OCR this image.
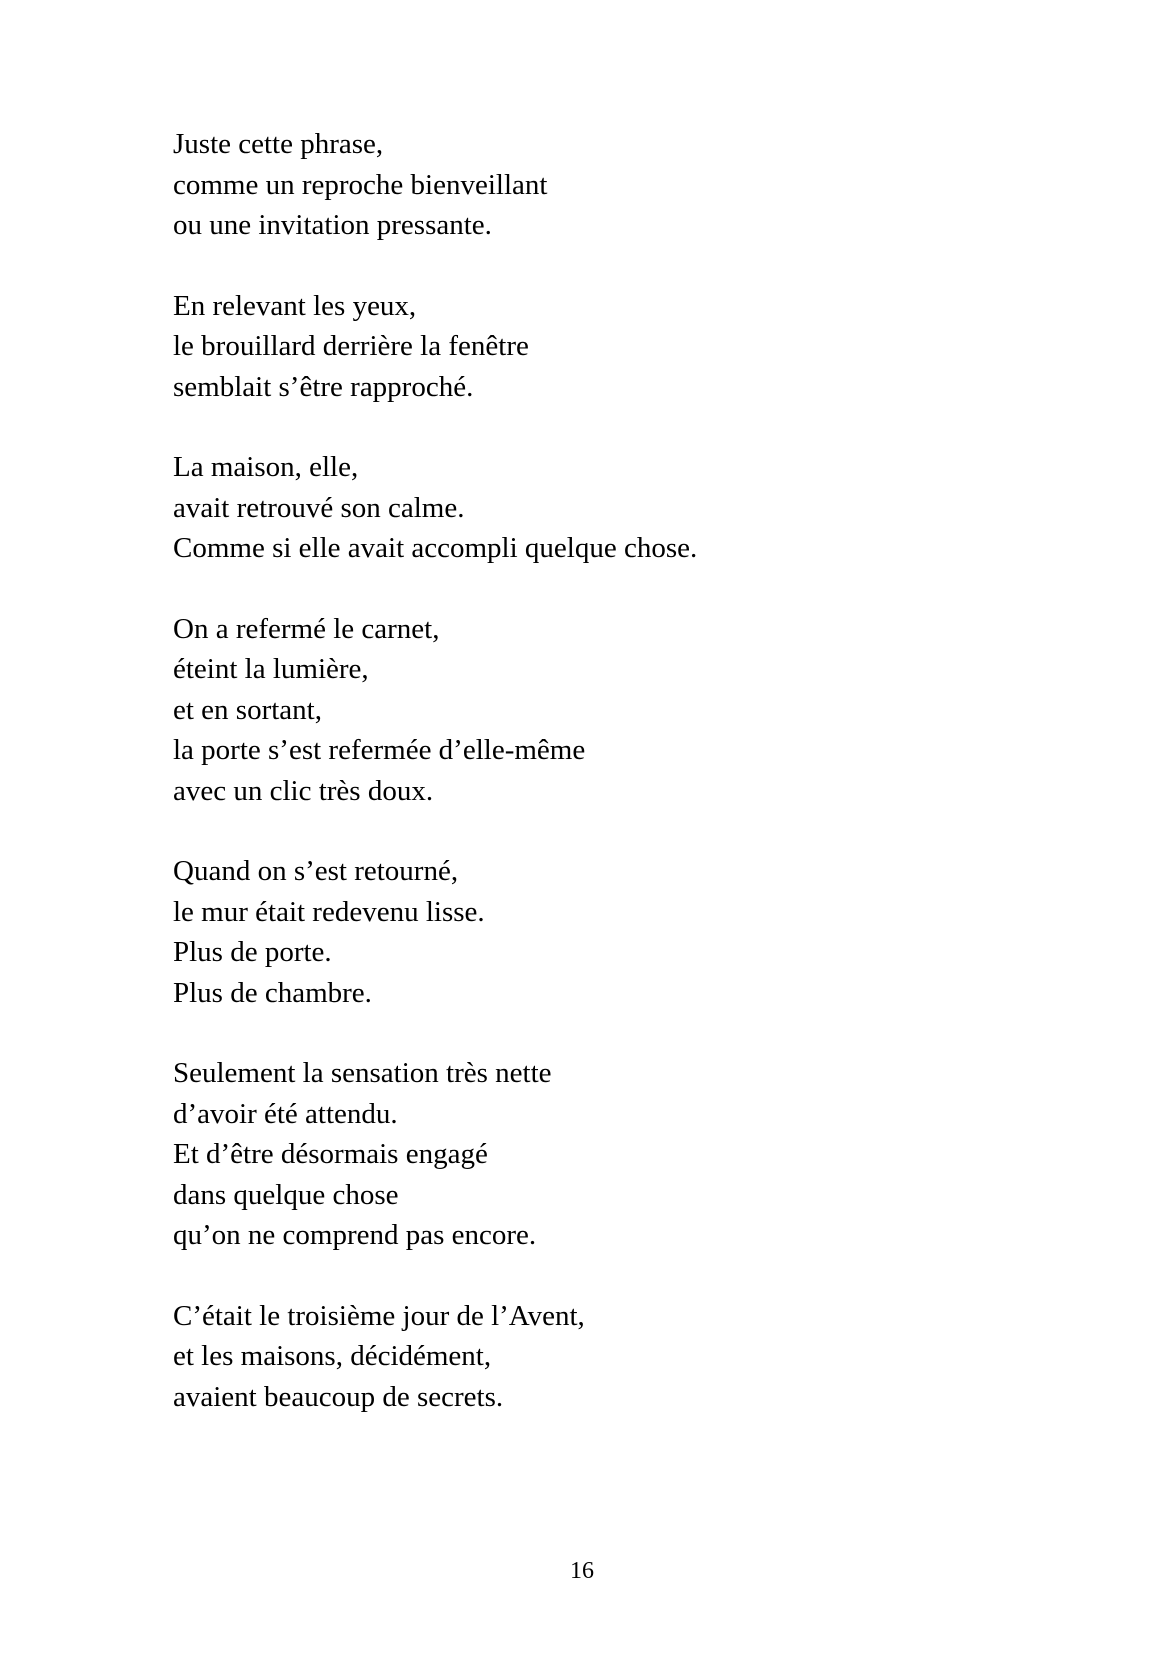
Juste cette phrase,
comme un reproche bienveillant
ou une invitation pressante.
En relevant les yeux,
le brouillard derrière la fenêtre
semblait s’être rapproché.
La maison, elle,
avait retrouvé son calme.
Comme si elle avait accompli quelque chose.
On a refermé le carnet,
éteint la lumière,
et en sortant,
la porte s’est refermée d’elle-même
avec un clic très doux.
Quand on s’est retourné,
le mur était redevenu lisse.
Plus de porte.
Plus de chambre.
Seulement la sensation très nette
d’avoir été attendu.
Et d’être désormais engagé
dans quelque chose
qu’on ne comprend pas encore.
C’était le troisième jour de l’Avent,
et les maisons, décidément,
avaient beaucoup de secrets.
16
